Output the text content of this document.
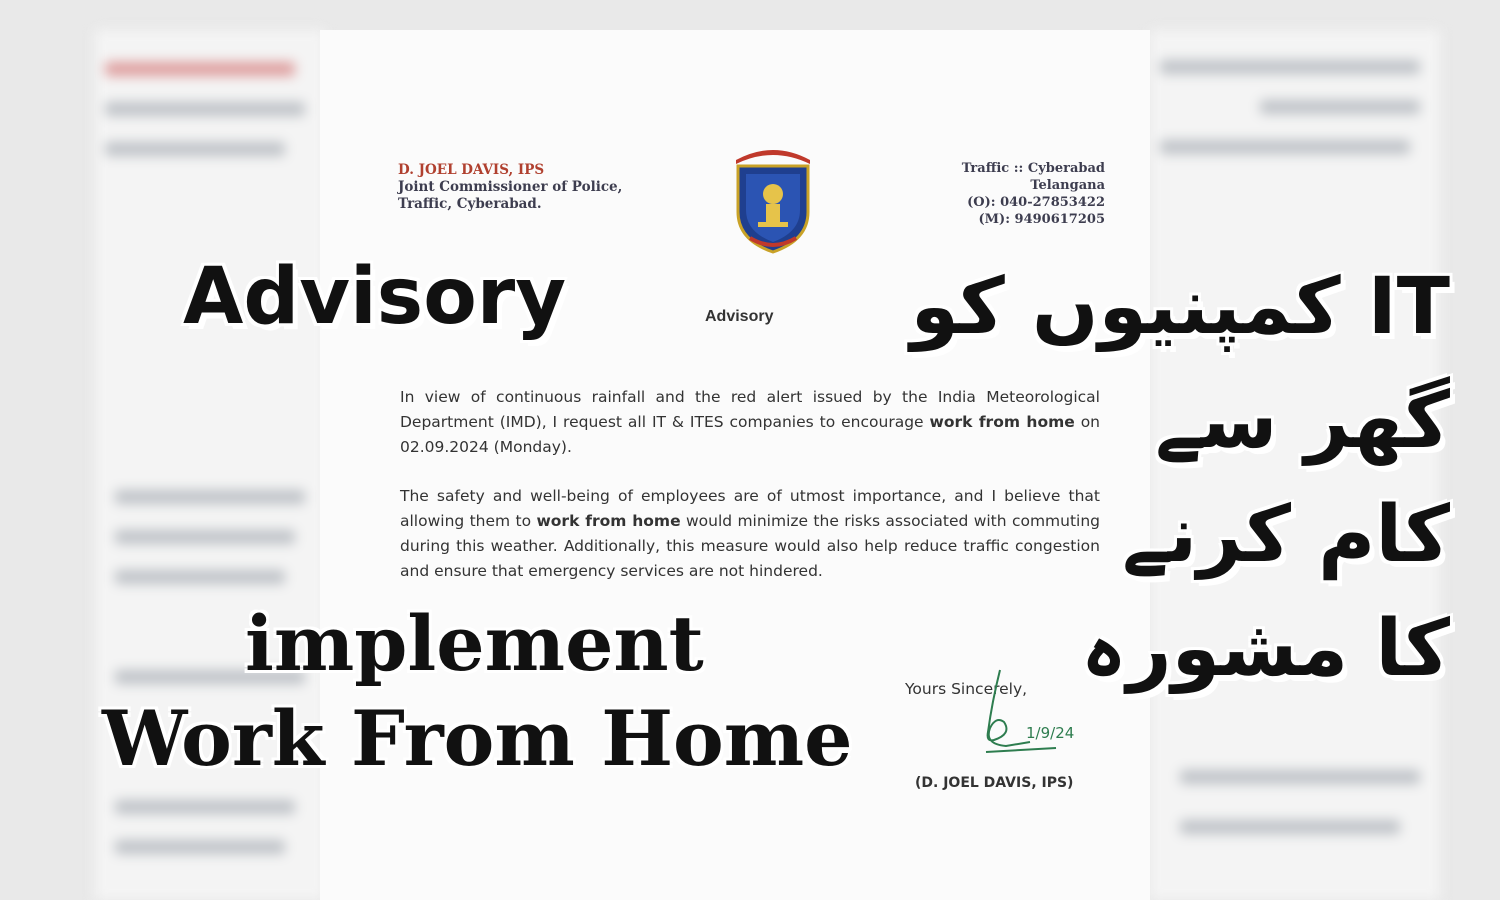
D. JOEL DAVIS, IPS
Joint Commissioner of Police,
Traffic, Cyberabad.
Traffic :: Cyberabad
Telangana
(O): 040-27853422
(M): 9490617205
Advisory
In view of continuous rainfall and the red alert issued by the India Meteorological Department (IMD), I request all IT & ITES companies to encourage work from home on 02.09.2024 (Monday).
The safety and well-being of employees are of utmost importance, and I believe that allowing them to work from home would minimize the risks associated with commuting during this weather. Additionally, this measure would also help reduce traffic congestion and ensure that emergency services are not hindered.
Yours Sincerely,
1/9/24
(D. JOEL DAVIS, IPS)
Advisory
implement
Work From Home
IT کمپنیوں کو
گھر سے
کام کرنے
کا مشورہ
